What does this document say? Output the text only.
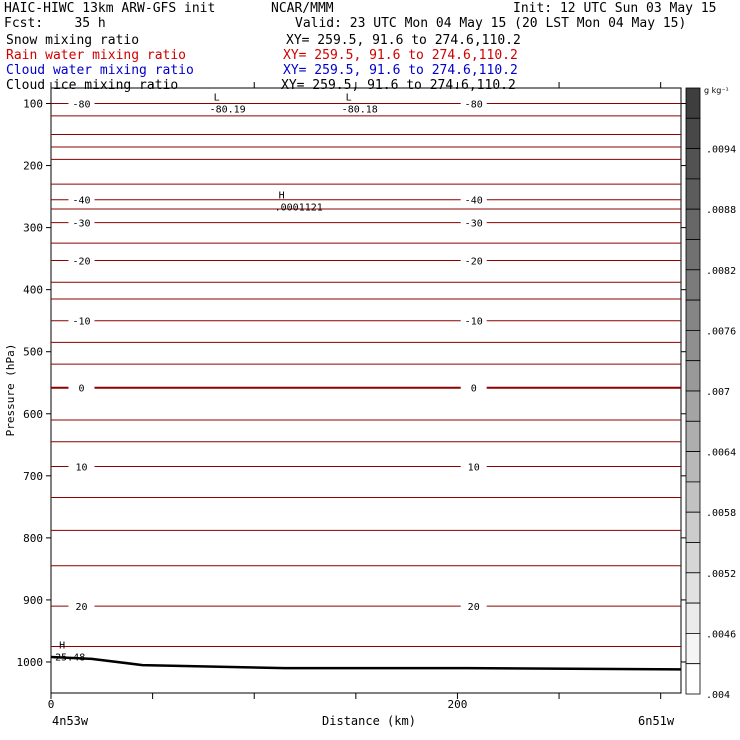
HAIC-HIWC 13km ARW-GFS init	NCAR/MMM	Init: 12 UTC Sun 03 May 15
Fcst:    35 h	Valid: 23 UTC Mon 04 May 15 (20 LST Mon 04 May 15)
Snow mixing ratio	XY= 259.5, 91.6 to 274.6,110.2
Rain water mixing ratio	XY= 259.5, 91.6 to 274.6,110.2
Cloud water mixing ratio	XY= 259.5, 91.6 to 274.6,110.2
Cloud ice mixing ratio	XY= 259.5, 91.6 to 274.6,110.2
-80	-80
-40	-40
-30	-30
-20	-20
-10	-10
0	0
10	10
20	20
L
-80.19
L
-80.18
H
.0001121
H
25.48
100
200
300
400
500
600
700
800
900
1000
0	200
Pressure (hPa)
Distance (km)
4n53w	6n51w
.0094
.0088
.0082
.0076
.007
.0064
.0058
.0052
.0046
.004
g kg⁻¹
